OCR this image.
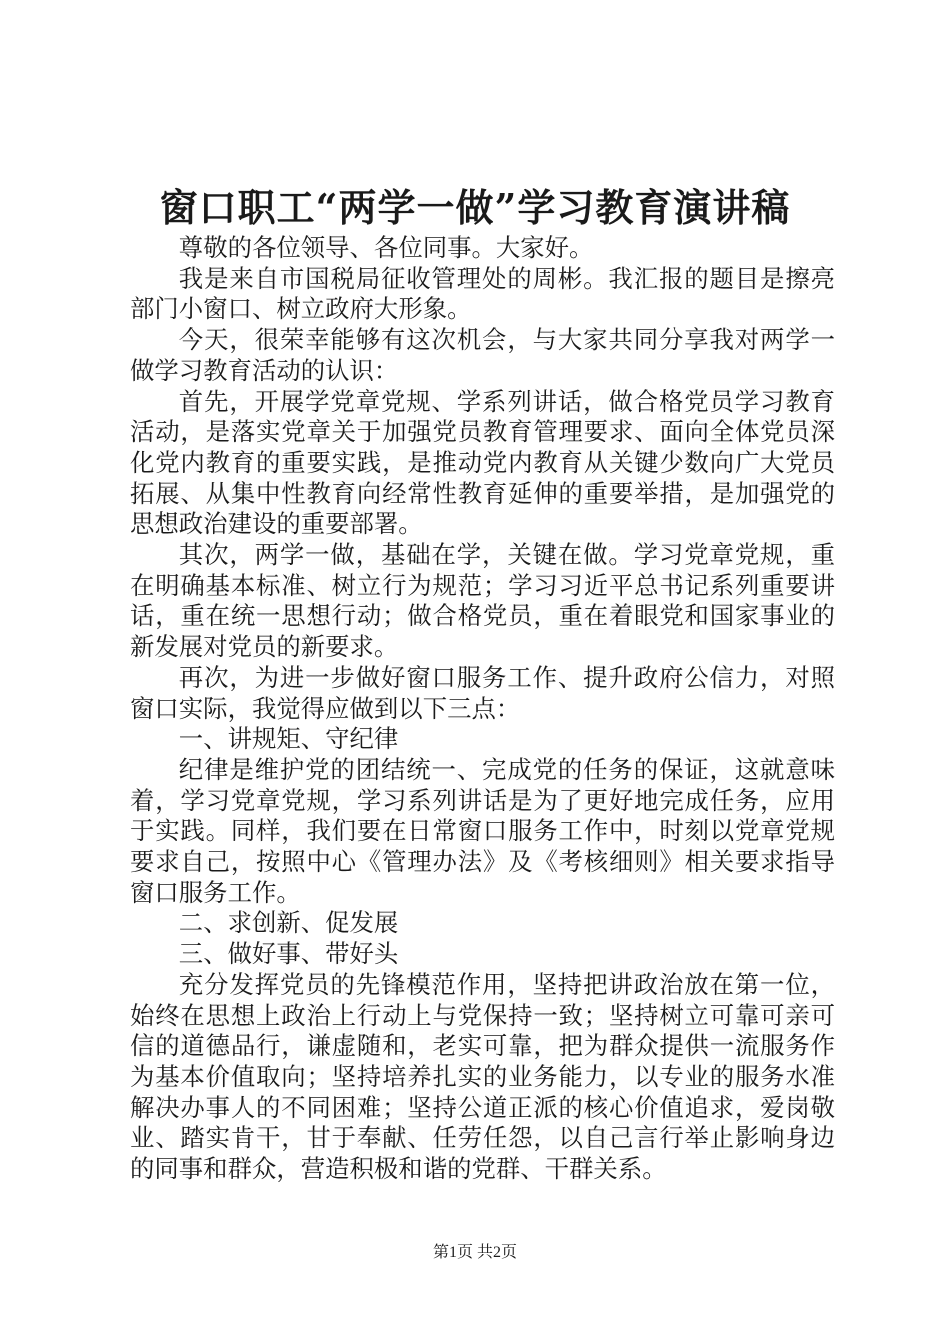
窗口职工“两学一做”学习教育演讲稿

尊敬的各位领导、各位同事。大家好。

我是来自市国税局征收管理处的周彬。我汇报的题目是擦亮部门小窗口、树立政府大形象。

今天，很荣幸能够有这次机会，与大家共同分享我对两学一做学习教育活动的认识：

首先，开展学党章党规、学系列讲话，做合格党员学习教育活动，是落实党章关于加强党员教育管理要求、面向全体党员深化党内教育的重要实践，是推动党内教育从关键少数向广大党员拓展、从集中性教育向经常性教育延伸的重要举措，是加强党的思想政治建设的重要部署。

其次，两学一做，基础在学，关键在做。学习党章党规，重在明确基本标准、树立行为规范；学习习近平总书记系列重要讲话，重在统一思想行动；做合格党员，重在着眼党和国家事业的新发展对党员的新要求。

再次，为进一步做好窗口服务工作、提升政府公信力，对照窗口实际，我觉得应做到以下三点：

一、讲规矩、守纪律

纪律是维护党的团结统一、完成党的任务的保证，这就意味着，学习党章党规，学习系列讲话是为了更好地完成任务，应用于实践。同样，我们要在日常窗口服务工作中，时刻以党章党规要求自己，按照中心《管理办法》及《考核细则》相关要求指导窗口服务工作。

二、求创新、促发展

三、做好事、带好头

充分发挥党员的先锋模范作用，坚持把讲政治放在第一位，始终在思想上政治上行动上与党保持一致；坚持树立可靠可亲可信的道德品行，谦虚随和，老实可靠，把为群众提供一流服务作为基本价值取向；坚持培养扎实的业务能力，以专业的服务水准解决办事人的不同困难；坚持公道正派的核心价值追求，爱岗敬业、踏实肯干，甘于奉献、任劳任怨，以自己言行举止影响身边的同事和群众，营造积极和谐的党群、干群关系。

第1页 共2页
